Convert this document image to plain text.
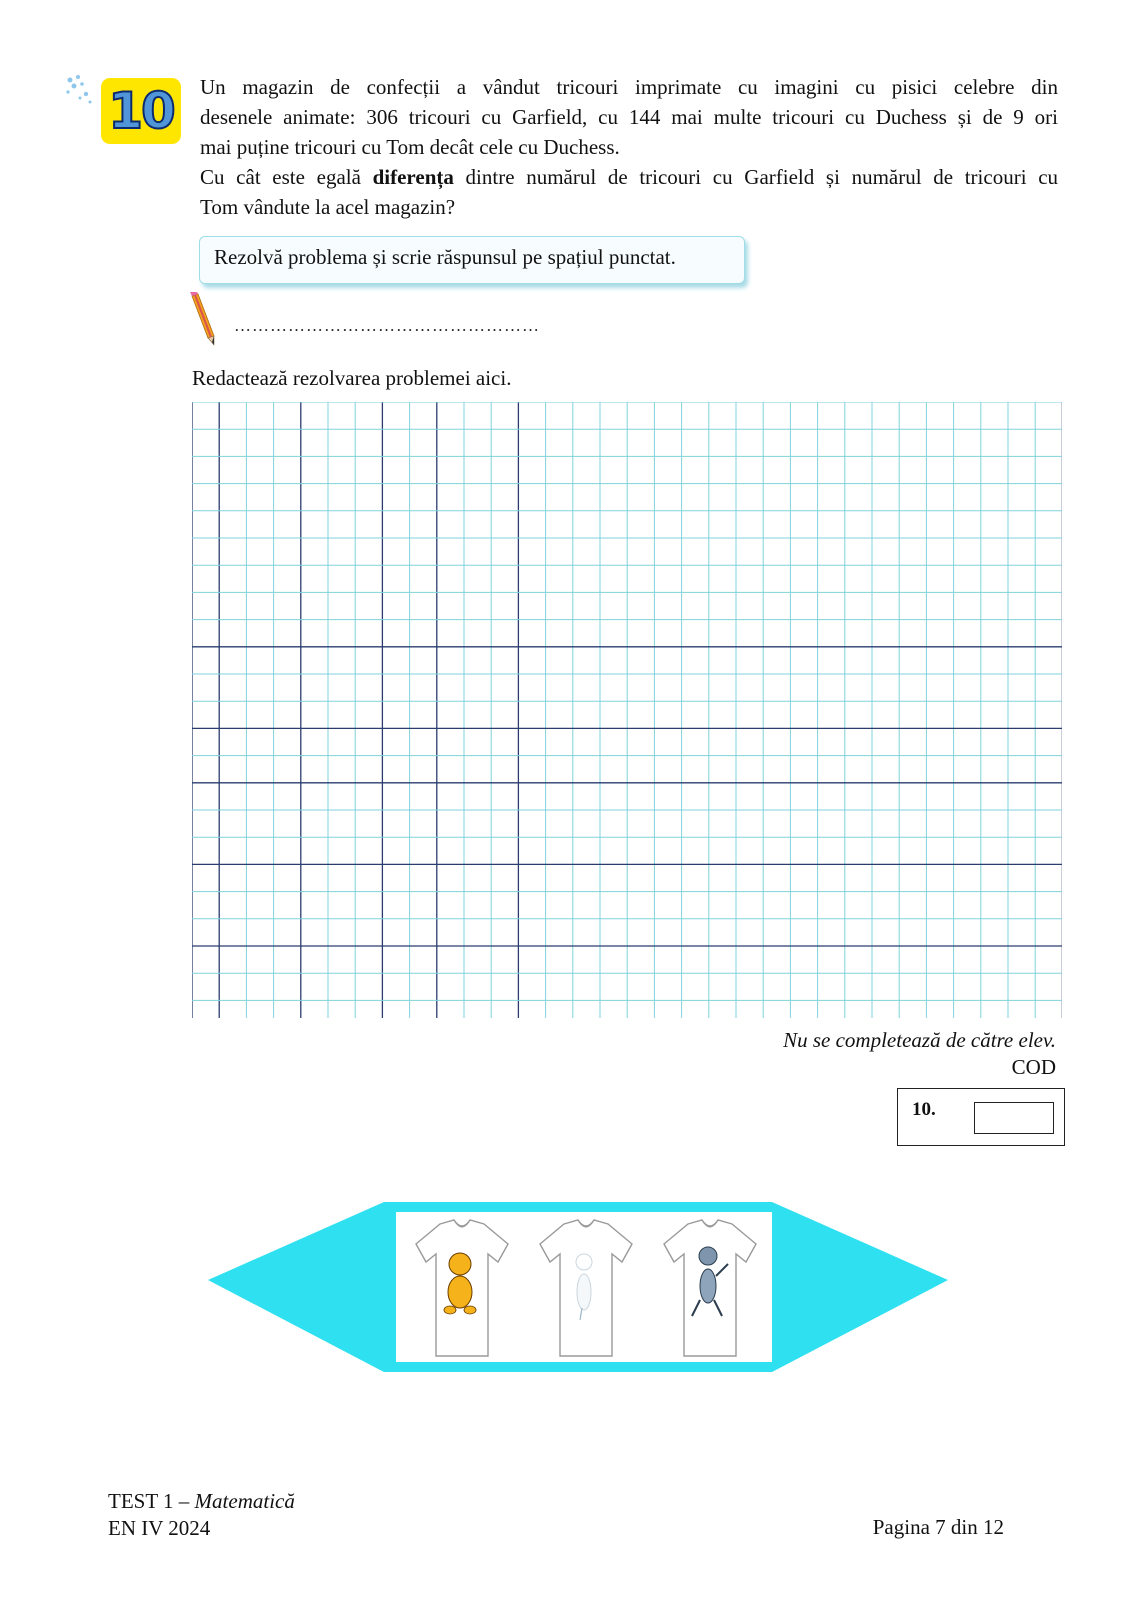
10 Un magazin de confecții a vândut tricouri imprimate cu imagini cu pisici celebre din

desenele animate: 306 tricouri cu Garfield, cu 144 mai multe tricouri cu Duchess și de 9 ori

mai puține tricouri cu Tom decât cele cu Duchess.

Cu cât este egală diferența dintre numărul de tricouri cu Garfield și numărul de tricouri cu

Tom vândute la acel magazin?

Rezolvă problema și scrie răspunsul pe spațiul punctat.
……………………………………………
Redactează rezolvarea problemei aici.
Nu se completează de către elev.
COD
10.
TEST 1 – Matematică
EN IV 2024	Pagina 7 din 12
